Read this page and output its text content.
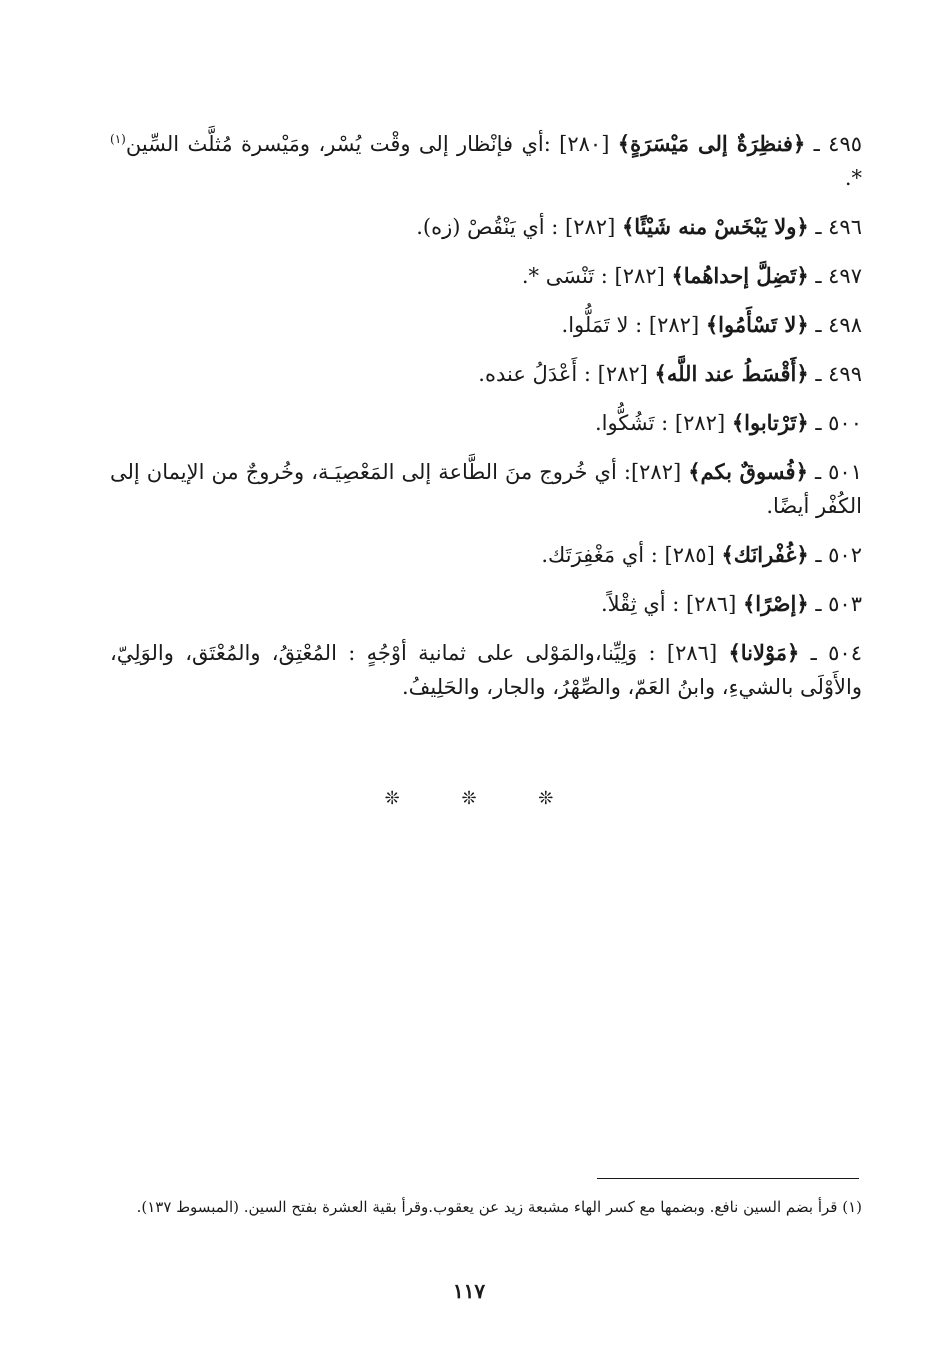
٤٩٥ ـ ﴿فنظِرَةٌ إلى مَيْسَرَةٍ﴾ [٢٨٠] :أي فإنْظار إلى وقْت يُسْر، ومَيْسرة مُثلَّث السِّين$^{(١)}$ *.

٤٩٦ ـ ﴿ولا يَبْخَسْ منه شَيْئًا﴾ [٢٨٢] : أي يَنْقُصْ (زه).

٤٩٧ ـ ﴿تَضِلَّ إحداهُما﴾ [٢٨٢] : تَنْسَى *.

٤٩٨ ـ ﴿لا تَسْأَمُوا﴾ [٢٨٢] : لا تَمَلُّوا.

٤٩٩ ـ ﴿أَقْسَطُ عند اللَّه﴾ [٢٨٢] : أَعْدَلُ عنده.

٥٠٠ ـ ﴿تَرْتابوا﴾ [٢٨٢] : تَشُكُّوا.

٥٠١ ـ ﴿فُسوقٌ بكم﴾ [٢٨٢]: أي خُروج منَ الطَّاعة إلى المَعْصِيَـة، وخُروجٌ من الإيمان إلى الكُفْر أيضًا.

٥٠٢ ـ ﴿غُفْرانَك﴾ [٢٨٥] : أي مَغْفِرَتَك.

٥٠٣ ـ ﴿إصْرًا﴾ [٢٨٦] : أي ثِقْلاً.

٥٠٤ ـ ﴿مَوْلانا﴾ [٢٨٦] : وَلِيِّنا،والمَوْلى على ثمانية أوْجُهٍ : المُعْتِقُ، والمُعْتَق، والوَلِيّ، والأَوْلَى بالشيءِ، وابنُ العَمّ، والصِّهْرُ، والجار، والحَلِيفُ.

❊	❊	❊
(١) قرأ بضم السين نافع. وبضمها مع كسر الهاء مشبعة زيد عن يعقوب.وقرأ بقية العشرة بفتح السين. (المبسوط ١٣٧).
١١٧
